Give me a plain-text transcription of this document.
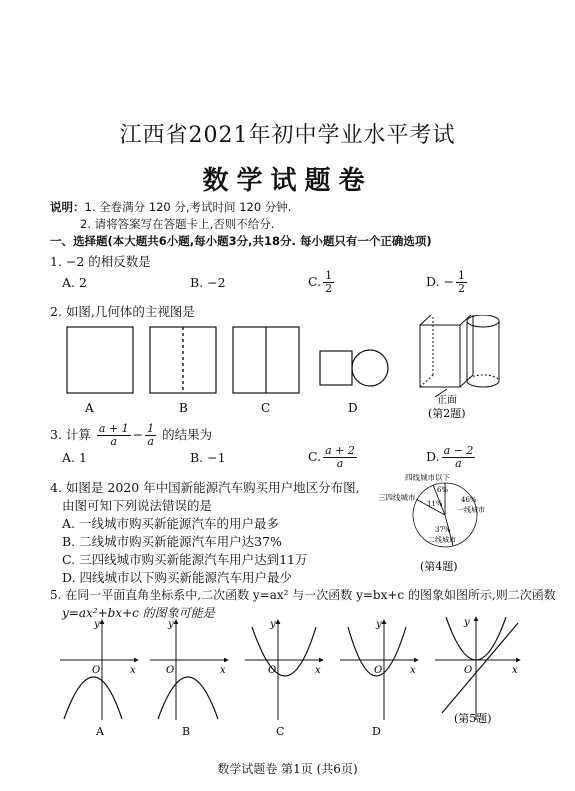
江西省2021年初中学业水平考试
数学试题卷
说明：1. 全卷满分 120 分,考试时间 120 分钟.
2. 请将答案写在答题卡上,否则不给分.
一、选择题(本大题共6小题,每小题3分,共18分. 每小题只有一个正确选项)
1. −2 的相反数是
A. 2	B. −2	C. $\frac{1}{2}$	D. − $\frac{1}{2}$
2. 如图,几何体的主视图是
正面
A	B	C	D	(第2题)
3. 计算 $\frac{a + 1}{a} - \frac{1}{a}$ 的结果为
A. 1	B. −1	C. $\frac{a + 2}{a}$	D. $\frac{a - 2}{a}$
4. 如图是 2020 年中国新能源汽车购买用户地区分布图,
由图可知下列说法错误的是
A. 一线城市购买新能源汽车的用户最多
B. 二线城市购买新能源汽车用户达37%
C. 三四线城市购买新能源汽车用户达到11万
D. 四线城市以下购买新能源汽车用户最少
四线城市以下
三四线城市
6%
11%	46%
一线城市
37%
二线城市
(第4题)
5. 在同一平面直角坐标系中,二次函数 y=ax² 与一次函数 y=bx+c 的图象如图所示,则二次函数
y=ax²+bx+c 的图象可能是
x
y
O
A
x
y
O
B
x
y
O
C
x
y
O
D
x
y
O
(第5题)
数学试题卷 第1页 (共6页)
